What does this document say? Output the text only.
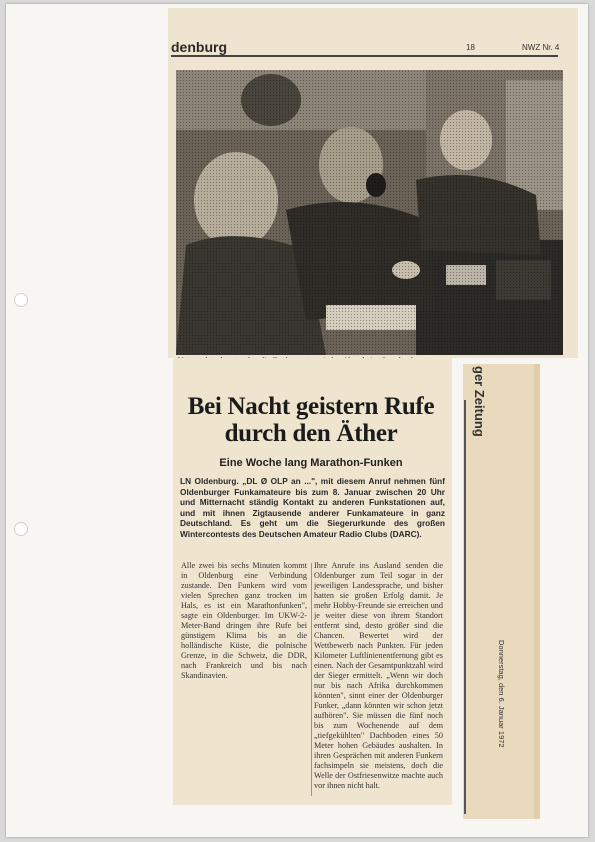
denburg	18	NWZ Nr. 4
Bei Nacht geistern Rufe durch den Äther
Eine Woche lang Marathon-Funken
LN Oldenburg. „DL Ø OLP an ...", mit diesem Anruf nehmen fünf Oldenburger Funkamateure bis zum 8. Januar zwischen 20 Uhr und Mitternacht ständig Kontakt zu anderen Funkstationen auf, und mit ihnen Zigtausende anderer Funkamateure in ganz Deutschland. Es geht um die Siegerurkunde des großen Wintercontests des Deutschen Amateur Radio Clubs (DARC).
Alle zwei bis sechs Minuten kommt in Oldenburg eine Verbindung zustande. Den Funkern wird vom vielen Sprechen ganz trocken im Hals, es ist ein Marathonfunken", sagte ein Oldenburger. Im UKW-2-Meter-Band dringen ihre Rufe bei günstigem Klima bis an die holländische Küste, die polnische Grenze, in die Schweiz, die DDR, nach Frankreich und bis nach Skandinavien.
Ihre Anrufe ins Ausland senden die Oldenburger zum Teil sogar in der jeweiligen Landessprache, und bisher hatten sie großen Erfolg damit. Je mehr Hobby-Freunde sie erreichen und je weiter diese von ihrem Standort entfernt sind, desto größer sind die Chancen. Bewertet wird der Wettbewerb nach Punkten. Für jeden Kilometer Luftlinienentfernung gibt es einen. Nach der Gesamtpunktzahl wird der Sieger ermittelt. „Wenn wir doch nur bis nach Afrika durchkommen könnten", sinnt einer der Oldenburger Funker, „dann könnten wir schon jetzt aufhören". Sie müssen die fünf noch bis zum Wochenende auf dem „tiefgekühlten" Dachboden eines 50 Meter hohen Gebäudes aushalten. In ihren Gesprächen mit anderen Funkern fachsimpeln sie meistens, doch die Welle der Ostfriesenwitze machte auch vor ihnen nicht halt.
ger Zeitung
Donnerstag, den 6. Januar 1972
